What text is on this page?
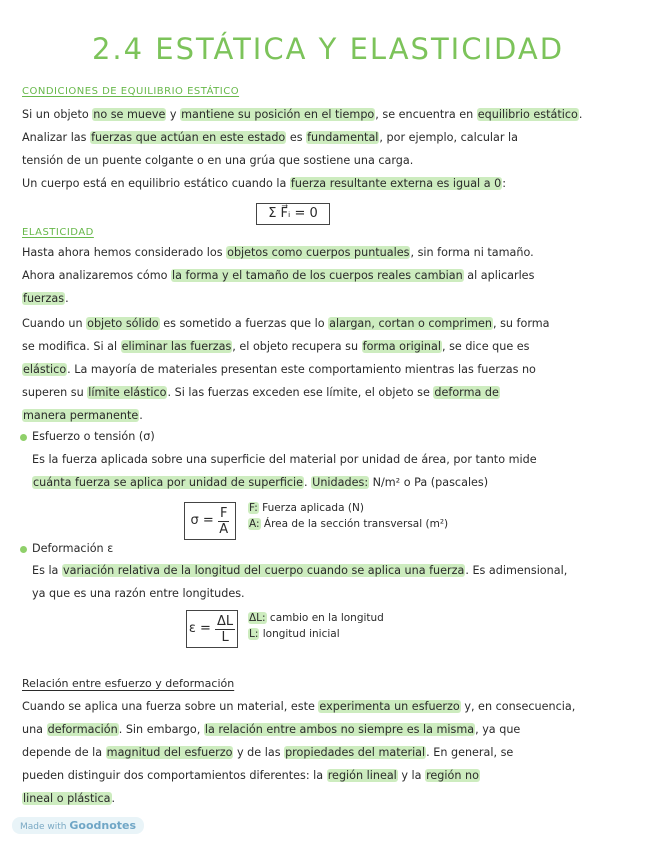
2.4 ESTÁTICA Y ELASTICIDAD
CONDICIONES DE EQUILIBRIO ESTÁTICO
Si un objeto no se mueve y mantiene su posición en el tiempo, se encuentra en equilibrio estático.
Analizar las fuerzas que actúan en este estado es fundamental, por ejemplo, calcular la
tensión de un puente colgante o en una grúa que sostiene una carga.
Un cuerpo está en equilibrio estático cuando la fuerza resultante externa es igual a 0:
Σ F⃗ᵢ = 0
ELASTICIDAD
Hasta ahora hemos considerado los objetos como cuerpos puntuales, sin forma ni tamaño.
Ahora analizaremos cómo la forma y el tamaño de los cuerpos reales cambian al aplicarles
fuerzas.
Cuando un objeto sólido es sometido a fuerzas que lo alargan, cortan o comprimen, su forma
se modifica. Si al eliminar las fuerzas, el objeto recupera su forma original, se dice que es
elástico. La mayoría de materiales presentan este comportamiento mientras las fuerzas no
superen su límite elástico. Si las fuerzas exceden ese límite, el objeto se deforma de
manera permanente.
Esfuerzo o tensión (σ)
Es la fuerza aplicada sobre una superficie del material por unidad de área, por tanto mide
cuánta fuerza se aplica por unidad de superficie. Unidades: N/m² o Pa (pascales)
$\sigma = \frac{F}{A} F$: Fuerza aplicada (N)
A: Área de la sección transversal (m²)
Deformación ε
Es la variación relativa de la longitud del cuerpo cuando se aplica una fuerza. Es adimensional,
ya que es una razón entre longitudes.
$\varepsilon = \frac{\Delta L}{L} \Delta L$: cambio en la longitud
L: longitud inicial
Relación entre esfuerzo y deformación
Cuando se aplica una fuerza sobre un material, este experimenta un esfuerzo y, en consecuencia,
una deformación. Sin embargo, la relación entre ambos no siempre es la misma, ya que
depende de la magnitud del esfuerzo y de las propiedades del material. En general, se
pueden distinguir dos comportamientos diferentes: la región lineal y la región no
lineal o plástica.
Made with Goodnotes
